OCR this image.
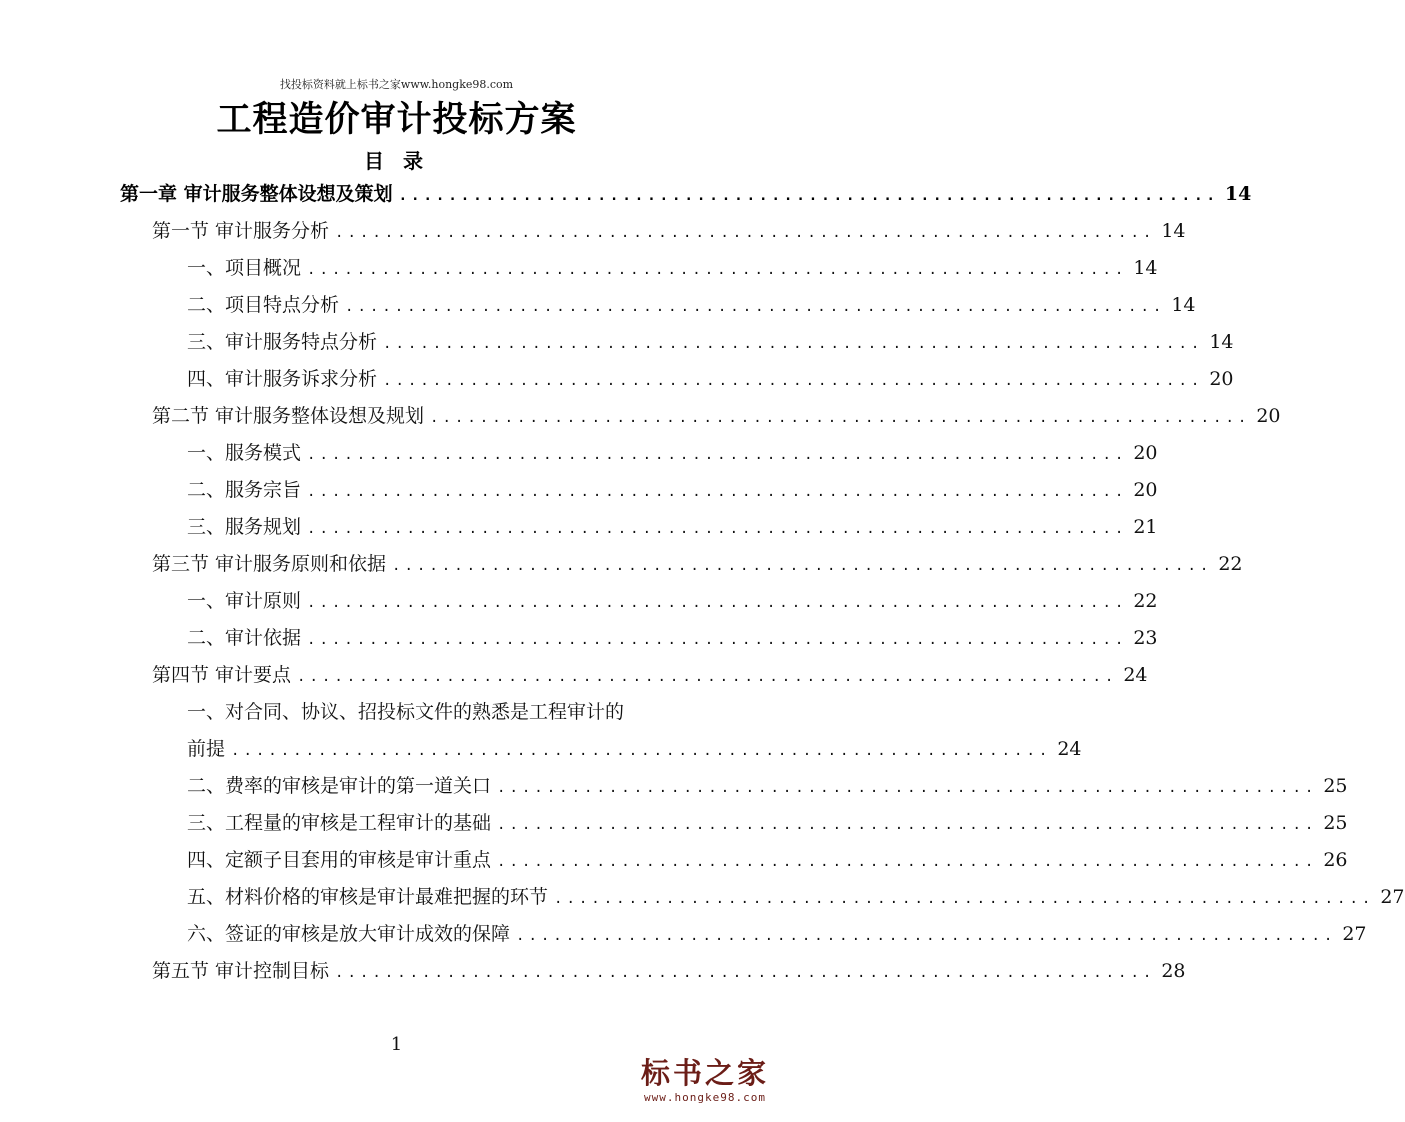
找投标资料就上标书之家www.hongke98.com
工程造价审计投标方案
目 录
第一章 审计服务整体设想及策划 .................................................................. 14
第一节 审计服务分析 .................................................................. 14
一、项目概况 .................................................................. 14
二、项目特点分析 .................................................................. 14
三、审计服务特点分析 .................................................................. 14
四、审计服务诉求分析 .................................................................. 20
第二节 审计服务整体设想及规划 .................................................................. 20
一、服务模式 .................................................................. 20
二、服务宗旨 .................................................................. 20
三、服务规划 .................................................................. 21
第三节 审计服务原则和依据 .................................................................. 22
一、审计原则 .................................................................. 22
二、审计依据 .................................................................. 23
第四节 审计要点 .................................................................. 24
一、对合同、协议、招投标文件的熟悉是工程审计的
前提 .................................................................. 24
二、费率的审核是审计的第一道关口 .................................................................. 25
三、工程量的审核是工程审计的基础 .................................................................. 25
四、定额子目套用的审核是审计重点 .................................................................. 26
五、材料价格的审核是审计最难把握的环节 .................................................................. 27
六、签证的审核是放大审计成效的保障 .................................................................. 27
第五节 审计控制目标 .................................................................. 28
1
标书之家
www.hongke98.com
